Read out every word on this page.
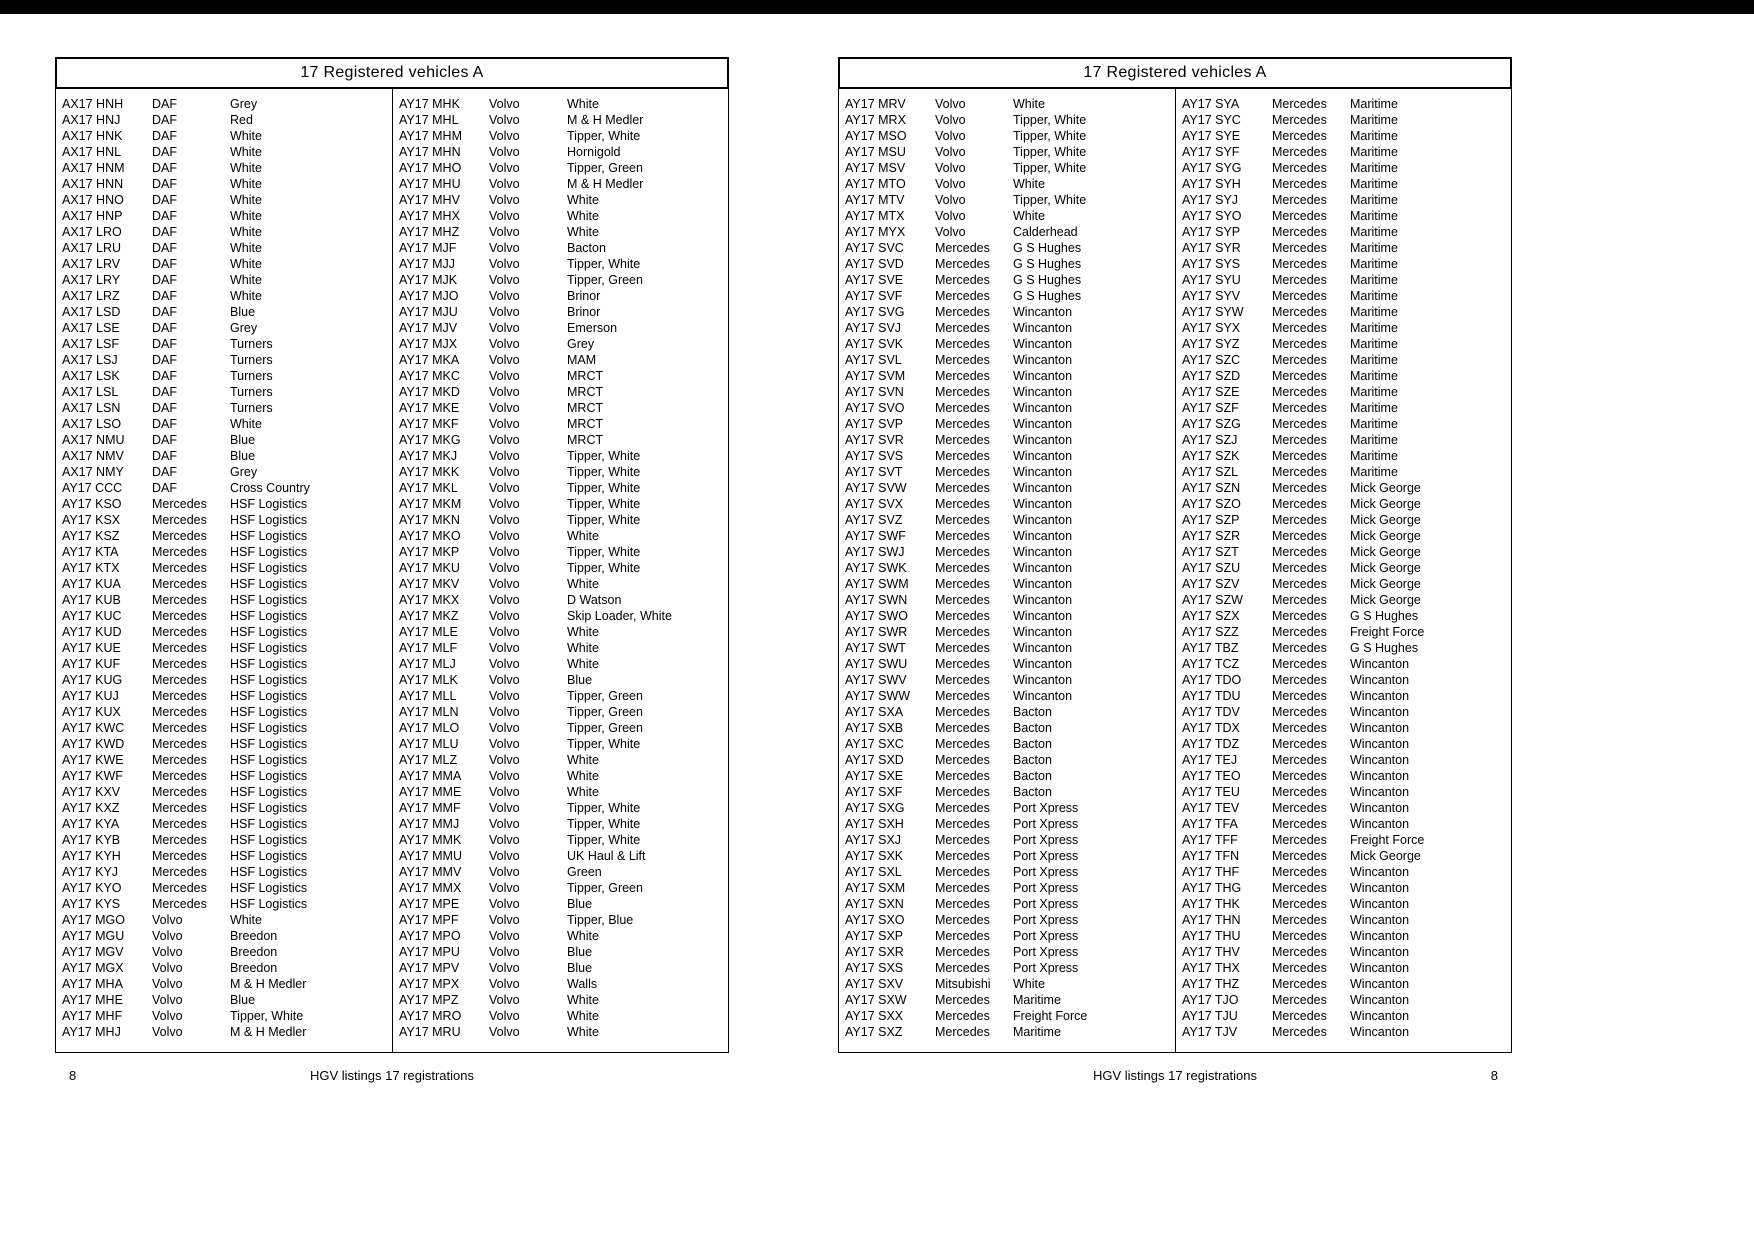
17 Registered vehicles A
AX17 HNH	DAF	Grey
AX17 HNJ	DAF	Red
AX17 HNK	DAF	White
AX17 HNL	DAF	White
AX17 HNM	DAF	White
AX17 HNN	DAF	White
AX17 HNO	DAF	White
AX17 HNP	DAF	White
AX17 LRO	DAF	White
AX17 LRU	DAF	White
AX17 LRV	DAF	White
AX17 LRY	DAF	White
AX17 LRZ	DAF	White
AX17 LSD	DAF	Blue
AX17 LSE	DAF	Grey
AX17 LSF	DAF	Turners
AX17 LSJ	DAF	Turners
AX17 LSK	DAF	Turners
AX17 LSL	DAF	Turners
AX17 LSN	DAF	Turners
AX17 LSO	DAF	White
AX17 NMU	DAF	Blue
AX17 NMV	DAF	Blue
AX17 NMY	DAF	Grey
AY17 CCC	DAF	Cross Country
AY17 KSO	Mercedes	HSF Logistics
AY17 KSX	Mercedes	HSF Logistics
AY17 KSZ	Mercedes	HSF Logistics
AY17 KTA	Mercedes	HSF Logistics
AY17 KTX	Mercedes	HSF Logistics
AY17 KUA	Mercedes	HSF Logistics
AY17 KUB	Mercedes	HSF Logistics
AY17 KUC	Mercedes	HSF Logistics
AY17 KUD	Mercedes	HSF Logistics
AY17 KUE	Mercedes	HSF Logistics
AY17 KUF	Mercedes	HSF Logistics
AY17 KUG	Mercedes	HSF Logistics
AY17 KUJ	Mercedes	HSF Logistics
AY17 KUX	Mercedes	HSF Logistics
AY17 KWC	Mercedes	HSF Logistics
AY17 KWD	Mercedes	HSF Logistics
AY17 KWE	Mercedes	HSF Logistics
AY17 KWF	Mercedes	HSF Logistics
AY17 KXV	Mercedes	HSF Logistics
AY17 KXZ	Mercedes	HSF Logistics
AY17 KYA	Mercedes	HSF Logistics
AY17 KYB	Mercedes	HSF Logistics
AY17 KYH	Mercedes	HSF Logistics
AY17 KYJ	Mercedes	HSF Logistics
AY17 KYO	Mercedes	HSF Logistics
AY17 KYS	Mercedes	HSF Logistics
AY17 MGO	Volvo	White
AY17 MGU	Volvo	Breedon
AY17 MGV	Volvo	Breedon
AY17 MGX	Volvo	Breedon
AY17 MHA	Volvo	M & H Medler
AY17 MHE	Volvo	Blue
AY17 MHF	Volvo	Tipper, White
AY17 MHJ	Volvo	M & H Medler
AY17 MHK	Volvo	White
AY17 MHL	Volvo	M & H Medler
AY17 MHM	Volvo	Tipper, White
AY17 MHN	Volvo	Hornigold
AY17 MHO	Volvo	Tipper, Green
AY17 MHU	Volvo	M & H Medler
AY17 MHV	Volvo	White
AY17 MHX	Volvo	White
AY17 MHZ	Volvo	White
AY17 MJF	Volvo	Bacton
AY17 MJJ	Volvo	Tipper, White
AY17 MJK	Volvo	Tipper, Green
AY17 MJO	Volvo	Brinor
AY17 MJU	Volvo	Brinor
AY17 MJV	Volvo	Emerson
AY17 MJX	Volvo	Grey
AY17 MKA	Volvo	MAM
AY17 MKC	Volvo	MRCT
AY17 MKD	Volvo	MRCT
AY17 MKE	Volvo	MRCT
AY17 MKF	Volvo	MRCT
AY17 MKG	Volvo	MRCT
AY17 MKJ	Volvo	Tipper, White
AY17 MKK	Volvo	Tipper, White
AY17 MKL	Volvo	Tipper, White
AY17 MKM	Volvo	Tipper, White
AY17 MKN	Volvo	Tipper, White
AY17 MKO	Volvo	White
AY17 MKP	Volvo	Tipper, White
AY17 MKU	Volvo	Tipper, White
AY17 MKV	Volvo	White
AY17 MKX	Volvo	D Watson
AY17 MKZ	Volvo	Skip Loader, White
AY17 MLE	Volvo	White
AY17 MLF	Volvo	White
AY17 MLJ	Volvo	White
AY17 MLK	Volvo	Blue
AY17 MLL	Volvo	Tipper, Green
AY17 MLN	Volvo	Tipper, Green
AY17 MLO	Volvo	Tipper, Green
AY17 MLU	Volvo	Tipper, White
AY17 MLZ	Volvo	White
AY17 MMA	Volvo	White
AY17 MME	Volvo	White
AY17 MMF	Volvo	Tipper, White
AY17 MMJ	Volvo	Tipper, White
AY17 MMK	Volvo	Tipper, White
AY17 MMU	Volvo	UK Haul & Lift
AY17 MMV	Volvo	Green
AY17 MMX	Volvo	Tipper, Green
AY17 MPE	Volvo	Blue
AY17 MPF	Volvo	Tipper, Blue
AY17 MPO	Volvo	White
AY17 MPU	Volvo	Blue
AY17 MPV	Volvo	Blue
AY17 MPX	Volvo	Walls
AY17 MPZ	Volvo	White
AY17 MRO	Volvo	White
AY17 MRU	Volvo	White
17 Registered vehicles A
AY17 MRV	Volvo	White
AY17 MRX	Volvo	Tipper, White
AY17 MSO	Volvo	Tipper, White
AY17 MSU	Volvo	Tipper, White
AY17 MSV	Volvo	Tipper, White
AY17 MTO	Volvo	White
AY17 MTV	Volvo	Tipper, White
AY17 MTX	Volvo	White
AY17 MYX	Volvo	Calderhead
AY17 SVC	Mercedes	G S Hughes
AY17 SVD	Mercedes	G S Hughes
AY17 SVE	Mercedes	G S Hughes
AY17 SVF	Mercedes	G S Hughes
AY17 SVG	Mercedes	Wincanton
AY17 SVJ	Mercedes	Wincanton
AY17 SVK	Mercedes	Wincanton
AY17 SVL	Mercedes	Wincanton
AY17 SVM	Mercedes	Wincanton
AY17 SVN	Mercedes	Wincanton
AY17 SVO	Mercedes	Wincanton
AY17 SVP	Mercedes	Wincanton
AY17 SVR	Mercedes	Wincanton
AY17 SVS	Mercedes	Wincanton
AY17 SVT	Mercedes	Wincanton
AY17 SVW	Mercedes	Wincanton
AY17 SVX	Mercedes	Wincanton
AY17 SVZ	Mercedes	Wincanton
AY17 SWF	Mercedes	Wincanton
AY17 SWJ	Mercedes	Wincanton
AY17 SWK	Mercedes	Wincanton
AY17 SWM	Mercedes	Wincanton
AY17 SWN	Mercedes	Wincanton
AY17 SWO	Mercedes	Wincanton
AY17 SWR	Mercedes	Wincanton
AY17 SWT	Mercedes	Wincanton
AY17 SWU	Mercedes	Wincanton
AY17 SWV	Mercedes	Wincanton
AY17 SWW	Mercedes	Wincanton
AY17 SXA	Mercedes	Bacton
AY17 SXB	Mercedes	Bacton
AY17 SXC	Mercedes	Bacton
AY17 SXD	Mercedes	Bacton
AY17 SXE	Mercedes	Bacton
AY17 SXF	Mercedes	Bacton
AY17 SXG	Mercedes	Port Xpress
AY17 SXH	Mercedes	Port Xpress
AY17 SXJ	Mercedes	Port Xpress
AY17 SXK	Mercedes	Port Xpress
AY17 SXL	Mercedes	Port Xpress
AY17 SXM	Mercedes	Port Xpress
AY17 SXN	Mercedes	Port Xpress
AY17 SXO	Mercedes	Port Xpress
AY17 SXP	Mercedes	Port Xpress
AY17 SXR	Mercedes	Port Xpress
AY17 SXS	Mercedes	Port Xpress
AY17 SXV	Mitsubishi	White
AY17 SXW	Mercedes	Maritime
AY17 SXX	Mercedes	Freight Force
AY17 SXZ	Mercedes	Maritime
AY17 SYA	Mercedes	Maritime
AY17 SYC	Mercedes	Maritime
AY17 SYE	Mercedes	Maritime
AY17 SYF	Mercedes	Maritime
AY17 SYG	Mercedes	Maritime
AY17 SYH	Mercedes	Maritime
AY17 SYJ	Mercedes	Maritime
AY17 SYO	Mercedes	Maritime
AY17 SYP	Mercedes	Maritime
AY17 SYR	Mercedes	Maritime
AY17 SYS	Mercedes	Maritime
AY17 SYU	Mercedes	Maritime
AY17 SYV	Mercedes	Maritime
AY17 SYW	Mercedes	Maritime
AY17 SYX	Mercedes	Maritime
AY17 SYZ	Mercedes	Maritime
AY17 SZC	Mercedes	Maritime
AY17 SZD	Mercedes	Maritime
AY17 SZE	Mercedes	Maritime
AY17 SZF	Mercedes	Maritime
AY17 SZG	Mercedes	Maritime
AY17 SZJ	Mercedes	Maritime
AY17 SZK	Mercedes	Maritime
AY17 SZL	Mercedes	Maritime
AY17 SZN	Mercedes	Mick George
AY17 SZO	Mercedes	Mick George
AY17 SZP	Mercedes	Mick George
AY17 SZR	Mercedes	Mick George
AY17 SZT	Mercedes	Mick George
AY17 SZU	Mercedes	Mick George
AY17 SZV	Mercedes	Mick George
AY17 SZW	Mercedes	Mick George
AY17 SZX	Mercedes	G S Hughes
AY17 SZZ	Mercedes	Freight Force
AY17 TBZ	Mercedes	G S Hughes
AY17 TCZ	Mercedes	Wincanton
AY17 TDO	Mercedes	Wincanton
AY17 TDU	Mercedes	Wincanton
AY17 TDV	Mercedes	Wincanton
AY17 TDX	Mercedes	Wincanton
AY17 TDZ	Mercedes	Wincanton
AY17 TEJ	Mercedes	Wincanton
AY17 TEO	Mercedes	Wincanton
AY17 TEU	Mercedes	Wincanton
AY17 TEV	Mercedes	Wincanton
AY17 TFA	Mercedes	Wincanton
AY17 TFF	Mercedes	Freight Force
AY17 TFN	Mercedes	Mick George
AY17 THF	Mercedes	Wincanton
AY17 THG	Mercedes	Wincanton
AY17 THK	Mercedes	Wincanton
AY17 THN	Mercedes	Wincanton
AY17 THU	Mercedes	Wincanton
AY17 THV	Mercedes	Wincanton
AY17 THX	Mercedes	Wincanton
AY17 THZ	Mercedes	Wincanton
AY17 TJO	Mercedes	Wincanton
AY17 TJU	Mercedes	Wincanton
AY17 TJV	Mercedes	Wincanton
8	HGV listings 17 registrations	HGV listings 17 registrations	8
